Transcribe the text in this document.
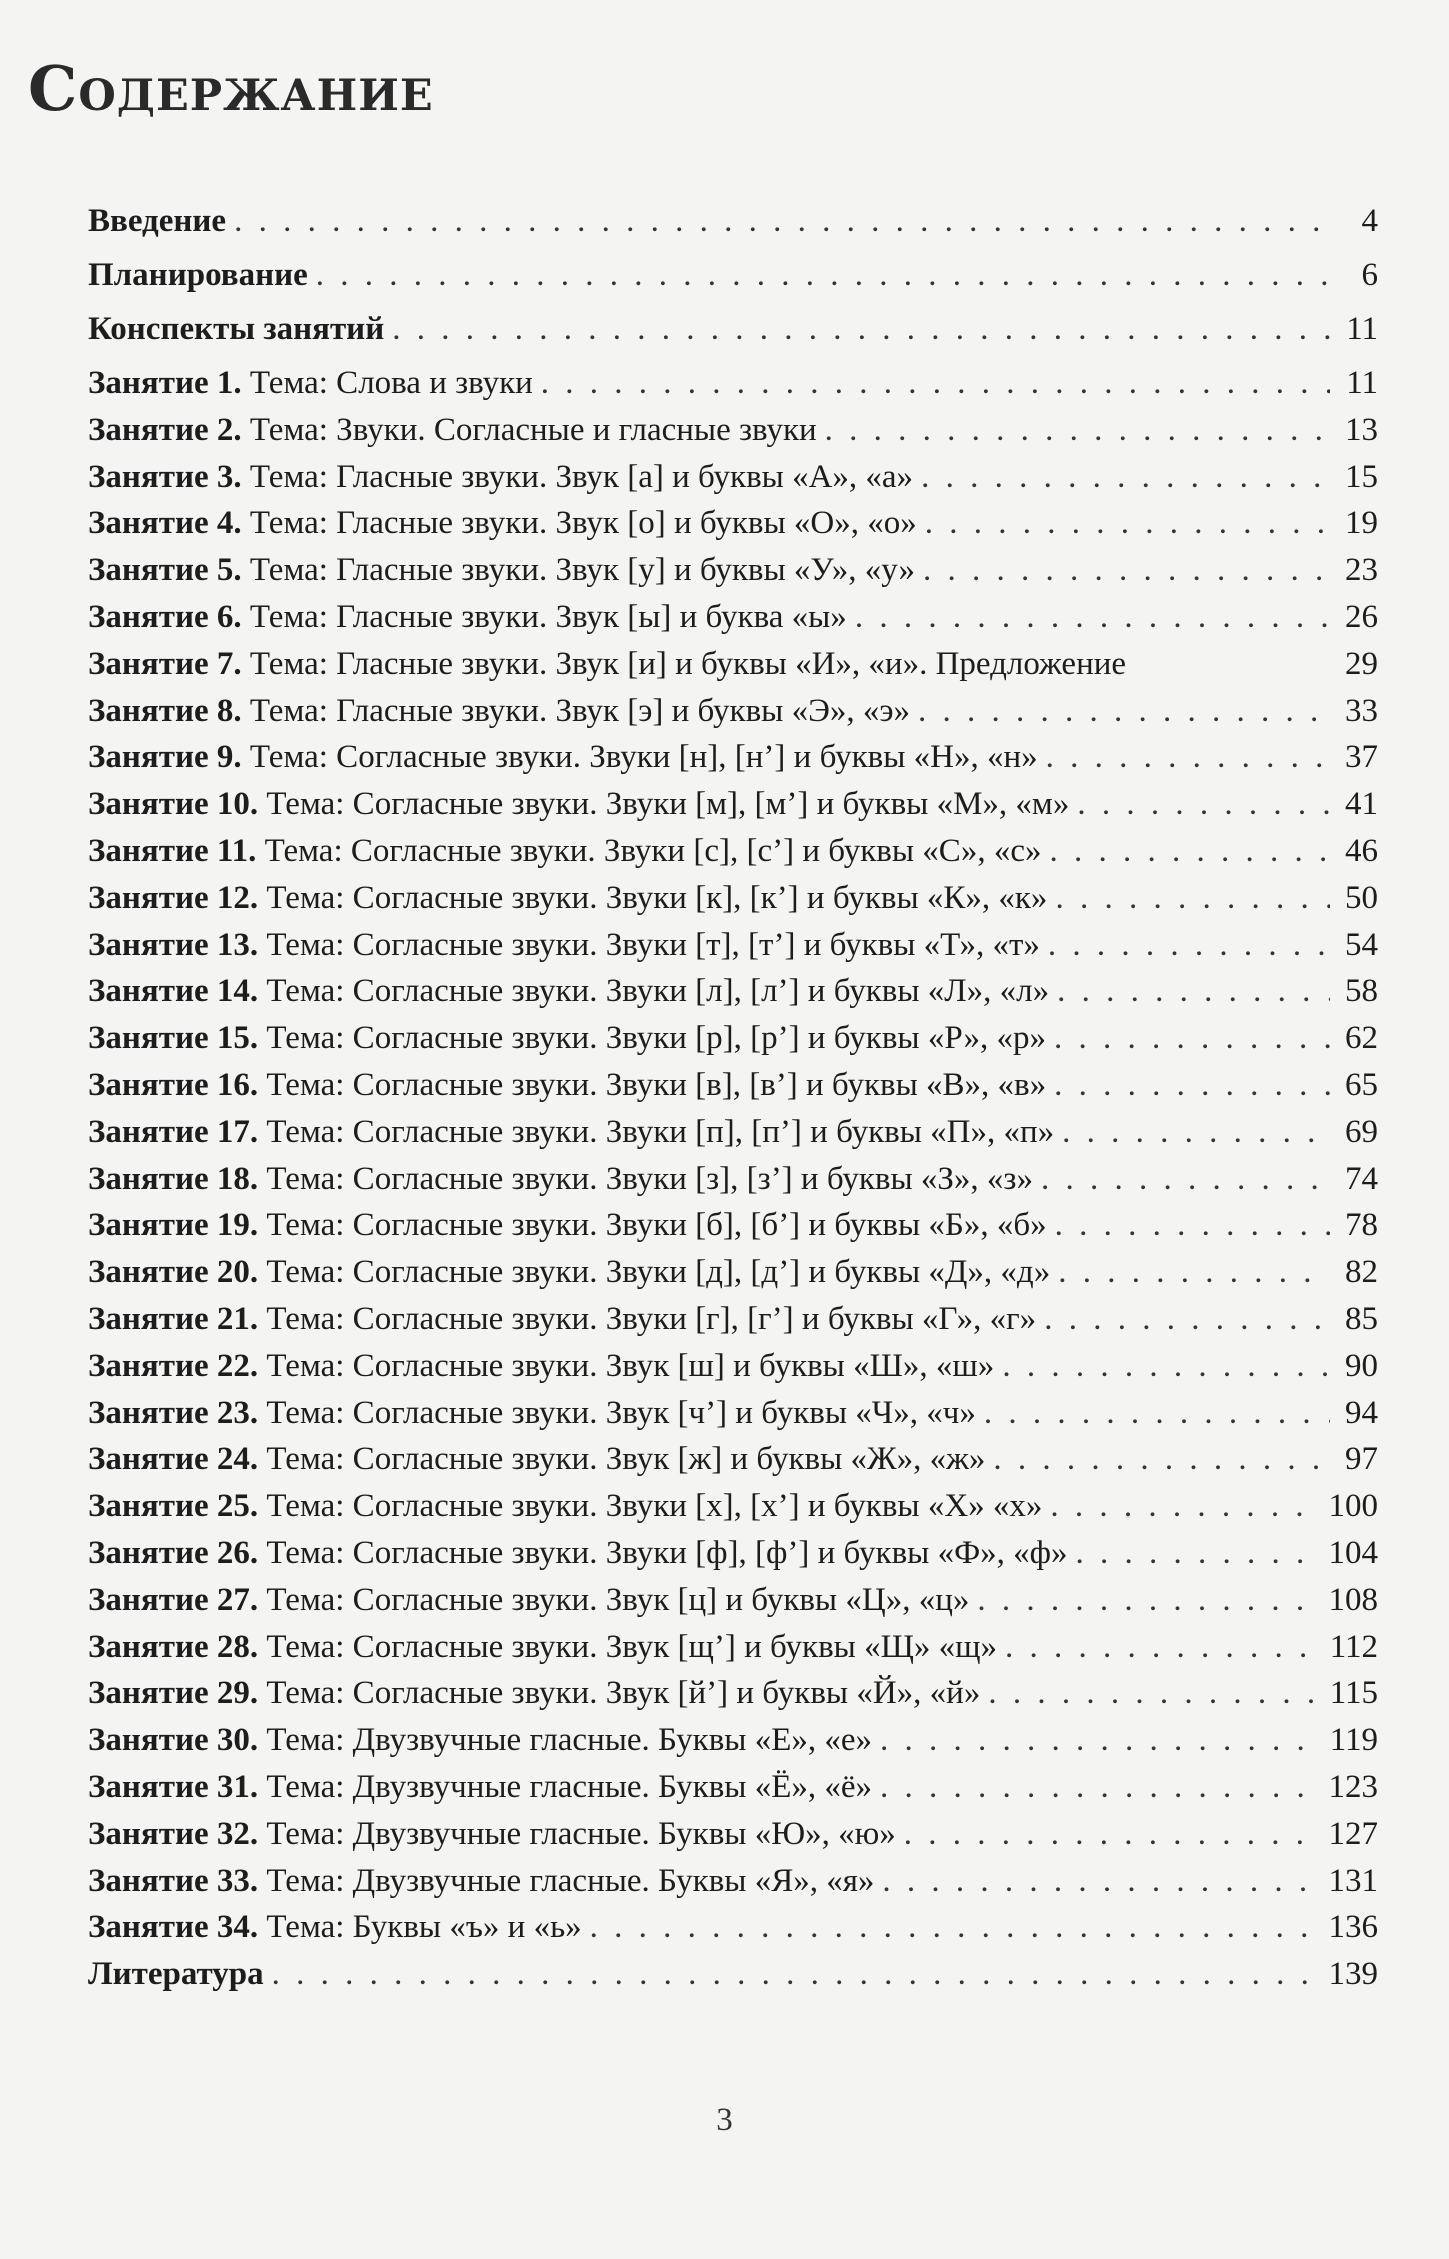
Содержание
Введение . . .	4
Планирование . . .	6
Конспекты занятий . . .	11
Занятие 1. Тема: Слова и звуки . . .	11
Занятие 2. Тема: Звуки. Согласные и гласные звуки . . .	13
Занятие 3. Тема: Гласные звуки. Звук [а] и буквы «А», «а» . . .	15
Занятие 4. Тема: Гласные звуки. Звук [о] и буквы «О», «о» . . .	19
Занятие 5. Тема: Гласные звуки. Звук [у] и буквы «У», «у» . . .	23
Занятие 6. Тема: Гласные звуки. Звук [ы] и буква «ы» . . .	26
Занятие 7. Тема: Гласные звуки. Звук [и] и буквы «И», «и». Предложение	29
Занятие 8. Тема: Гласные звуки. Звук [э] и буквы «Э», «э» . . .	33
Занятие 9. Тема: Согласные звуки. Звуки [н], [н’] и буквы «Н», «н» . . .	37
Занятие 10. Тема: Согласные звуки. Звуки [м], [м’] и буквы «М», «м» . . .	41
Занятие 11. Тема: Согласные звуки. Звуки [с], [с’] и буквы «С», «с» . . .	46
Занятие 12. Тема: Согласные звуки. Звуки [к], [к’] и буквы «К», «к» . . .	50
Занятие 13. Тема: Согласные звуки. Звуки [т], [т’] и буквы «Т», «т» . . .	54
Занятие 14. Тема: Согласные звуки. Звуки [л], [л’] и буквы «Л», «л» . . .	58
Занятие 15. Тема: Согласные звуки. Звуки [р], [р’] и буквы «Р», «р» . . .	62
Занятие 16. Тема: Согласные звуки. Звуки [в], [в’] и буквы «В», «в» . . .	65
Занятие 17. Тема: Согласные звуки. Звуки [п], [п’] и буквы «П», «п» . . .	69
Занятие 18. Тема: Согласные звуки. Звуки [з], [з’] и буквы «З», «з» . . .	74
Занятие 19. Тема: Согласные звуки. Звуки [б], [б’] и буквы «Б», «б» . . .	78
Занятие 20. Тема: Согласные звуки. Звуки [д], [д’] и буквы «Д», «д» . . .	82
Занятие 21. Тема: Согласные звуки. Звуки [г], [г’] и буквы «Г», «г» . . .	85
Занятие 22. Тема: Согласные звуки. Звук [ш] и буквы «Ш», «ш» . . .	90
Занятие 23. Тема: Согласные звуки. Звук [ч’] и буквы «Ч», «ч» . . .	94
Занятие 24. Тема: Согласные звуки. Звук [ж] и буквы «Ж», «ж» . . .	97
Занятие 25. Тема: Согласные звуки. Звуки [х], [х’] и буквы «Х» «х» . . .	100
Занятие 26. Тема: Согласные звуки. Звуки [ф], [ф’] и буквы «Ф», «ф» . . .	104
Занятие 27. Тема: Согласные звуки. Звук [ц] и буквы «Ц», «ц» . . .	108
Занятие 28. Тема: Согласные звуки. Звук [щ’] и буквы «Щ» «щ» . . .	112
Занятие 29. Тема: Согласные звуки. Звук [й’] и буквы «Й», «й» . . .	115
Занятие 30. Тема: Двузвучные гласные. Буквы «Е», «е» . . .	119
Занятие 31. Тема: Двузвучные гласные. Буквы «Ё», «ё» . . .	123
Занятие 32. Тема: Двузвучные гласные. Буквы «Ю», «ю» . . .	127
Занятие 33. Тема: Двузвучные гласные. Буквы «Я», «я» . . .	131
Занятие 34. Тема: Буквы «ъ» и «ь» . . .	136
Литература . . .	139
3
